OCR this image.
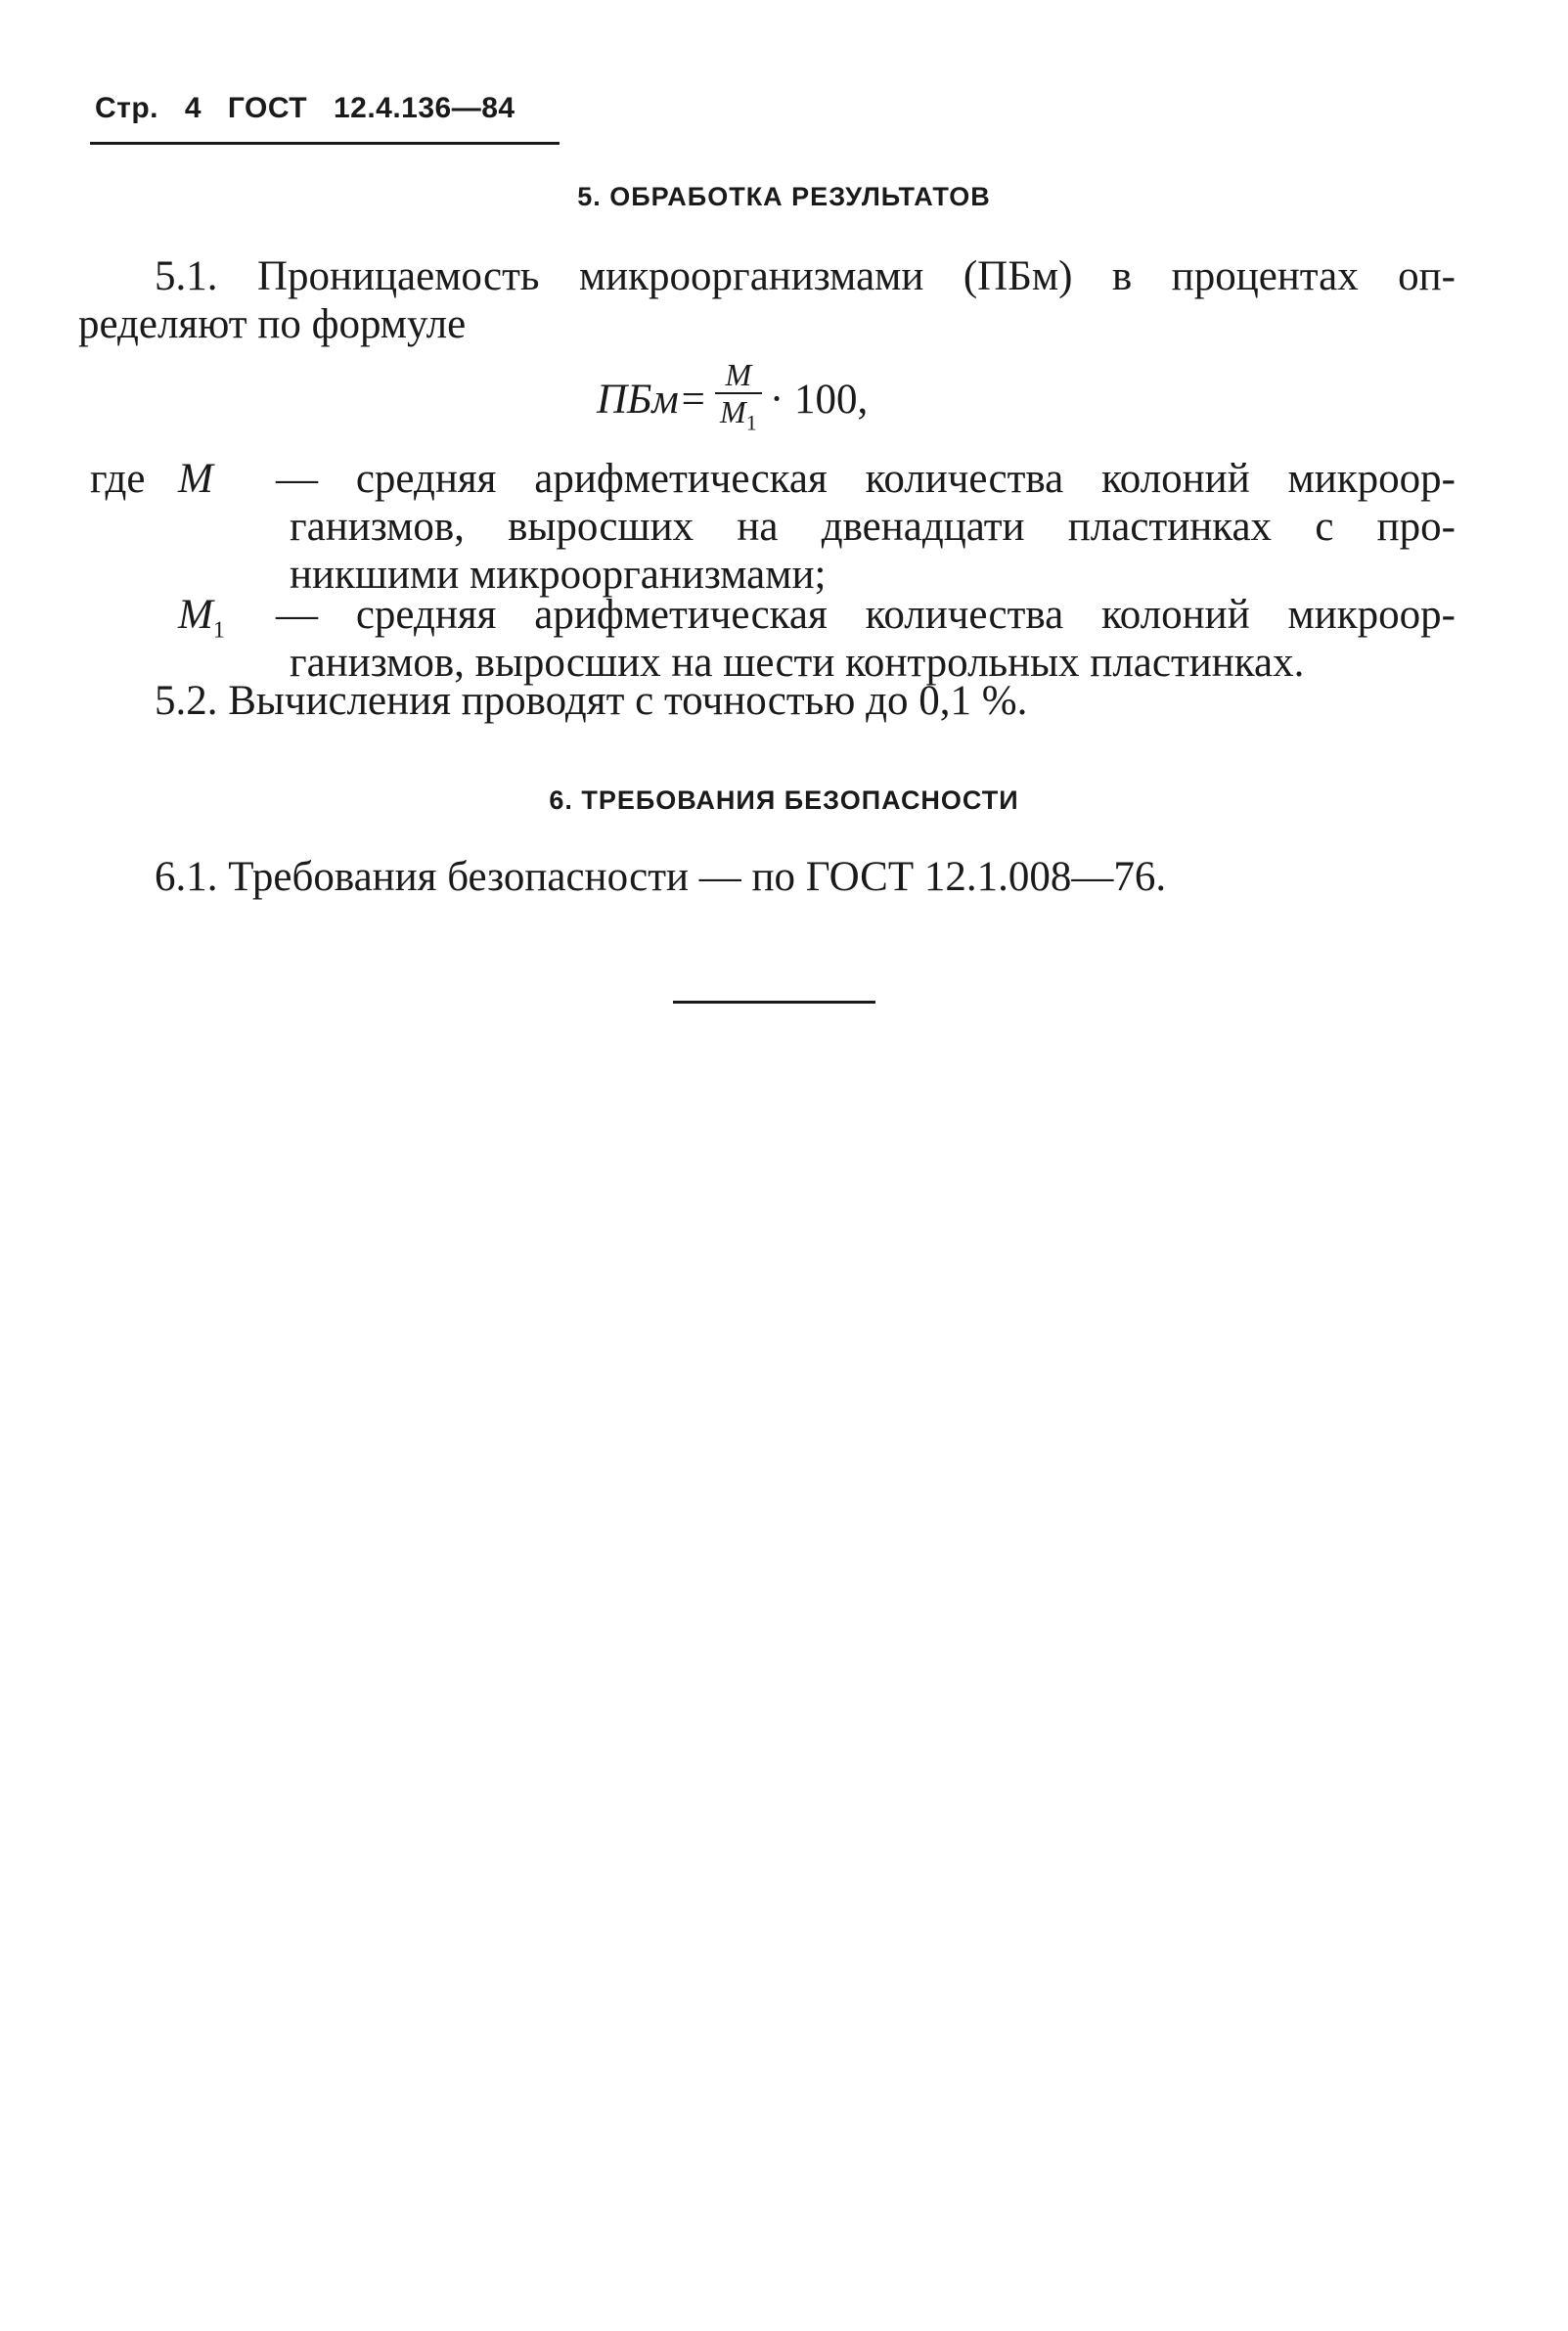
Стр. 4 ГОСТ 12.4.136—84
5. ОБРАБОТКА РЕЗУЛЬТАТОВ
5.1. Проницаемость микроорганизмами (ПБм) в процентах оп-
ределяют по формуле
$ПБм= \frac{М}{М_1} \cdot 100$,
где М — средняя арифметическая количества колоний микроор-
ганизмов, выросших на двенадцати пластинках с про-
никшими микроорганизмами;
$М_1$ — средняя арифметическая количества колоний микроор-
ганизмов, выросших на шести контрольных пластинках.
5.2. Вычисления проводят с точностью до 0,1 %.
6. ТРЕБОВАНИЯ БЕЗОПАСНОСТИ
6.1. Требования безопасности — по ГОСТ 12.1.008—76.
